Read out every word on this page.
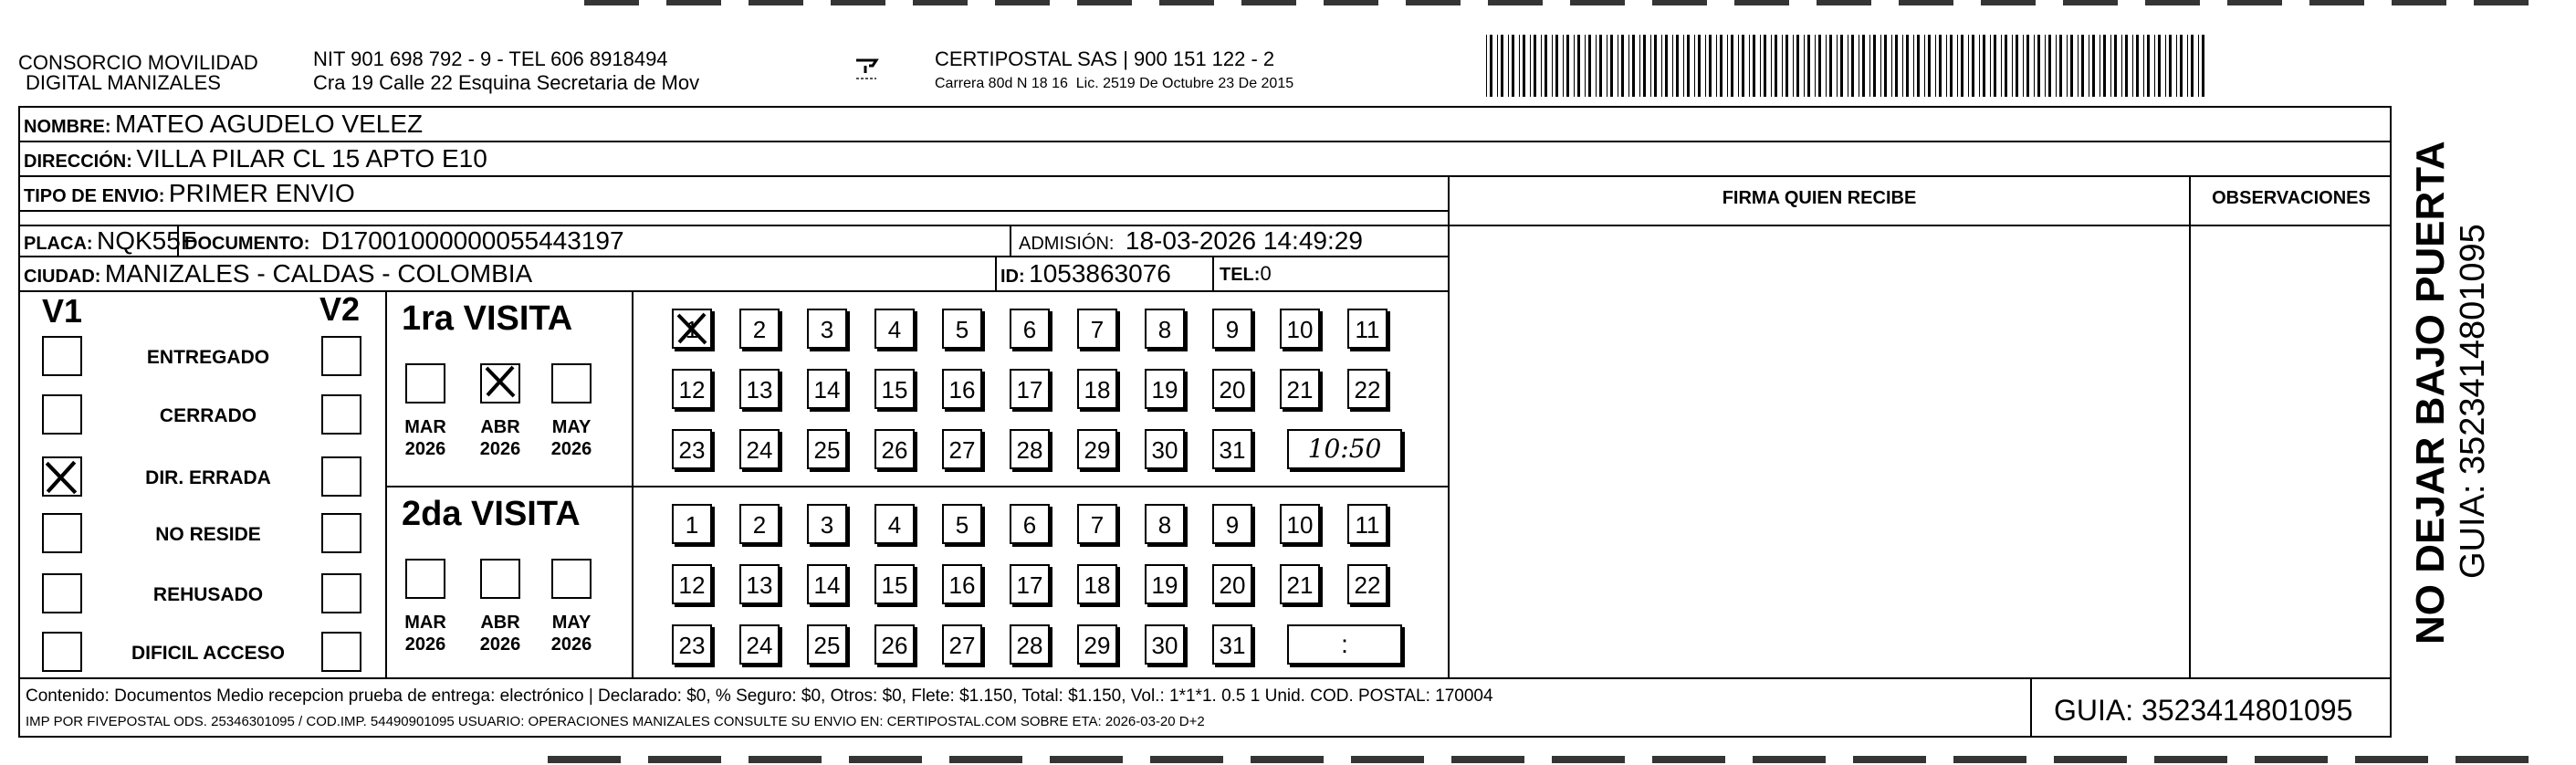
CONSORCIO MOVILIDAD
DIGITAL MANIZALES
NIT 901 698 792 - 9 - TEL 606 8918494
Cra 19 Calle 22 Esquina Secretaria de Mov
CERTIPOSTAL SAS | 900 151 122 - 2
Carrera 80d N 18 16  Lic. 2519 De Octubre 23 De 2015
NOMBRE: MATEO AGUDELO VELEZ
DIRECCIÓN: VILLA PILAR CL 15 APTO E10
TIPO DE ENVIO: PRIMER ENVIO	FIRMA QUIEN RECIBE	OBSERVACIONES
PLACA: NQK55F
DOCUMENTO: D17001000000055443197	ADMISIÓN: 18-03-2026 14:49:29
CIUDAD: MANIZALES - CALDAS - COLOMBIA	ID: 1053863076	TEL:0
V1	V2
ENTREGADO
CERRADO
DIR. ERRADA
NO RESIDE
REHUSADO
DIFICIL ACCESO
1ra VISITA
MAR
2026
ABR
2026
MAY
2026
1	2	3	4	5	6	7	8	9	10	11
12 13 14 15 16 17 18 19 20 21 22
23 24 25 26 27 28 29 30 31	10:50
2da VISITA
MAR
2026
ABR
2026
MAY
2026
1	2	3	4	5	6	7	8	9	10	11
12 13 14 15 16 17 18 19 20 21 22
23 24 25 26 27 28 29 30 31	:
Contenido: Documentos Medio recepcion prueba de entrega: electrónico | Declarado: $0, % Seguro: $0, Otros: $0, Flete: $1.150, Total: $1.150, Vol.: 1*1*1. 0.5 1 Unid. COD. POSTAL: 170004
IMP POR FIVEPOSTAL ODS. 25346301095 / COD.IMP. 54490901095 USUARIO: OPERACIONES MANIZALES CONSULTE SU ENVIO EN: CERTIPOSTAL.COM SOBRE ETA: 2026-03-20 D+2	GUIA: 3523414801095
NO DEJAR BAJO PUERTA GUIA: 3523414801095
